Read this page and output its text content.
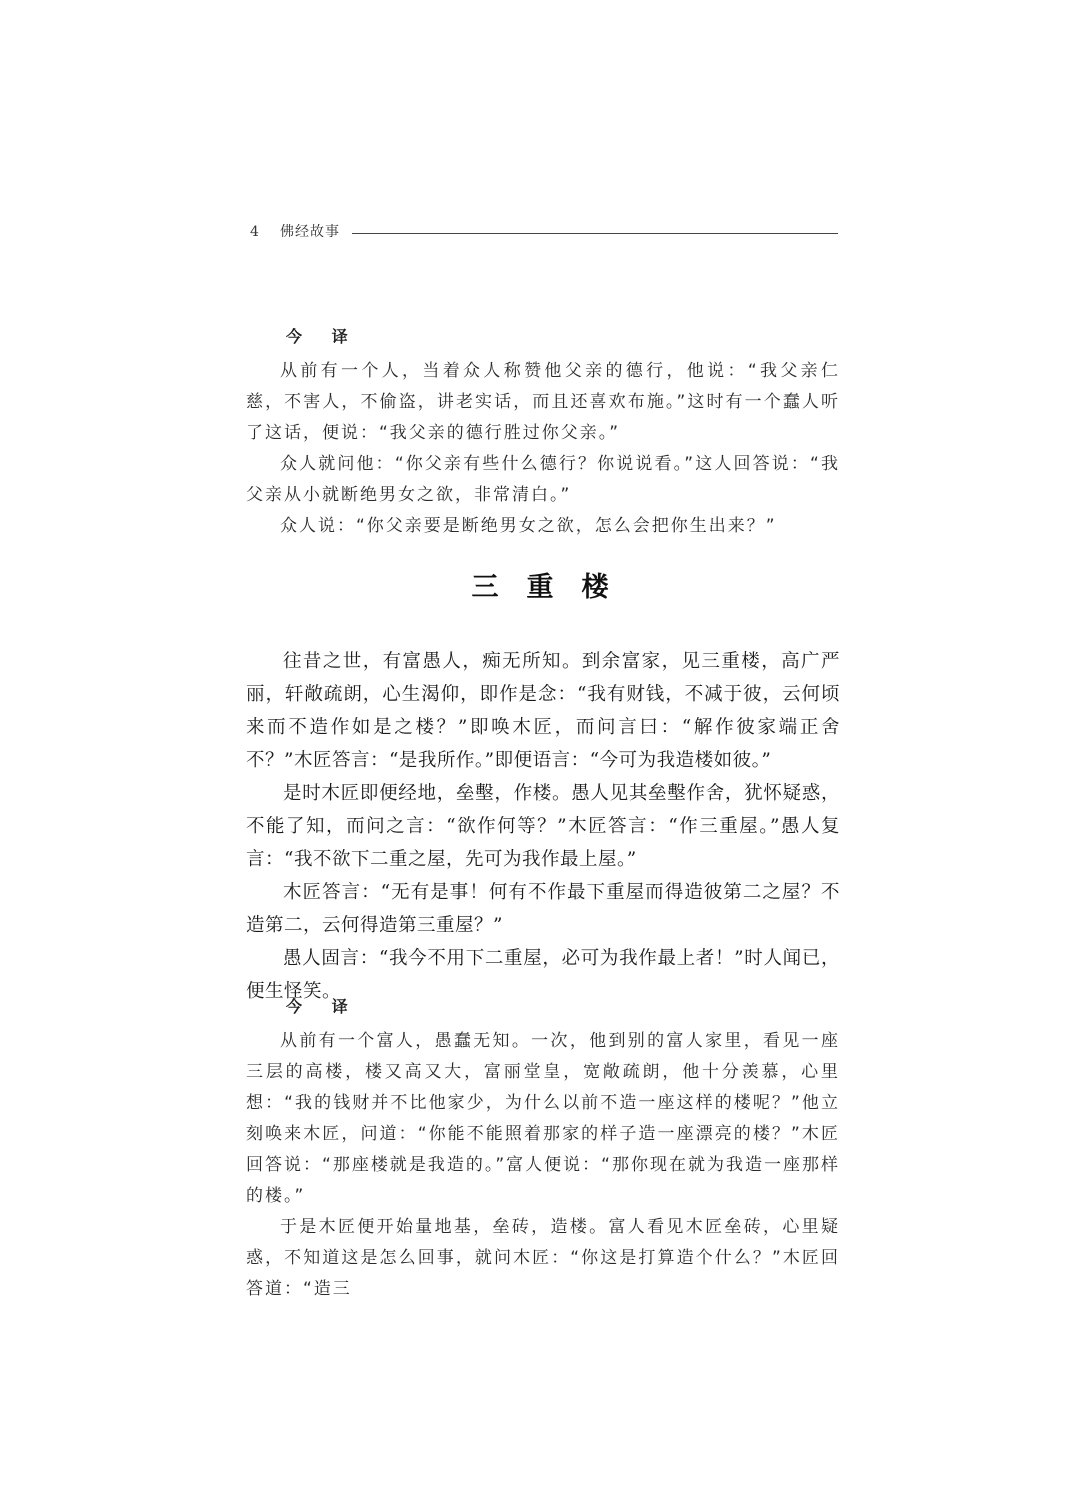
4 佛经故事
今 译

从前有一个人，当着众人称赞他父亲的德行，他说：“我父亲仁慈，不害人，不偷盗，讲老实话，而且还喜欢布施。”这时有一个蠢人听了这话，便说：“我父亲的德行胜过你父亲。”

众人就问他：“你父亲有些什么德行？你说说看。”这人回答说：“我父亲从小就断绝男女之欲，非常清白。”

众人说：“你父亲要是断绝男女之欲，怎么会把你生出来？”

三重楼

往昔之世，有富愚人，痴无所知。到余富家，见三重楼，高广严丽，轩敞疏朗，心生渴仰，即作是念：“我有财钱，不减于彼，云何顷来而不造作如是之楼？”即唤木匠，而问言曰：“解作彼家端正舍不？”木匠答言：“是我所作。”即便语言：“今可为我造楼如彼。”

是时木匠即便经地，垒墼，作楼。愚人见其垒墼作舍，犹怀疑惑，不能了知，而问之言：“欲作何等？”木匠答言：“作三重屋。”愚人复言：“我不欲下二重之屋，先可为我作最上屋。”

木匠答言：“无有是事！何有不作最下重屋而得造彼第二之屋？不造第二，云何得造第三重屋？”

愚人固言：“我今不用下二重屋，必可为我作最上者！”时人闻已，便生怪笑。

今 译

从前有一个富人，愚蠢无知。一次，他到别的富人家里，看见一座三层的高楼，楼又高又大，富丽堂皇，宽敞疏朗，他十分羡慕，心里想：“我的钱财并不比他家少，为什么以前不造一座这样的楼呢？”他立刻唤来木匠，问道：“你能不能照着那家的样子造一座漂亮的楼？”木匠回答说：“那座楼就是我造的。”富人便说：“那你现在就为我造一座那样的楼。”

于是木匠便开始量地基，垒砖，造楼。富人看见木匠垒砖，心里疑惑，不知道这是怎么回事，就问木匠：“你这是打算造个什么？”木匠回答道：“造三
